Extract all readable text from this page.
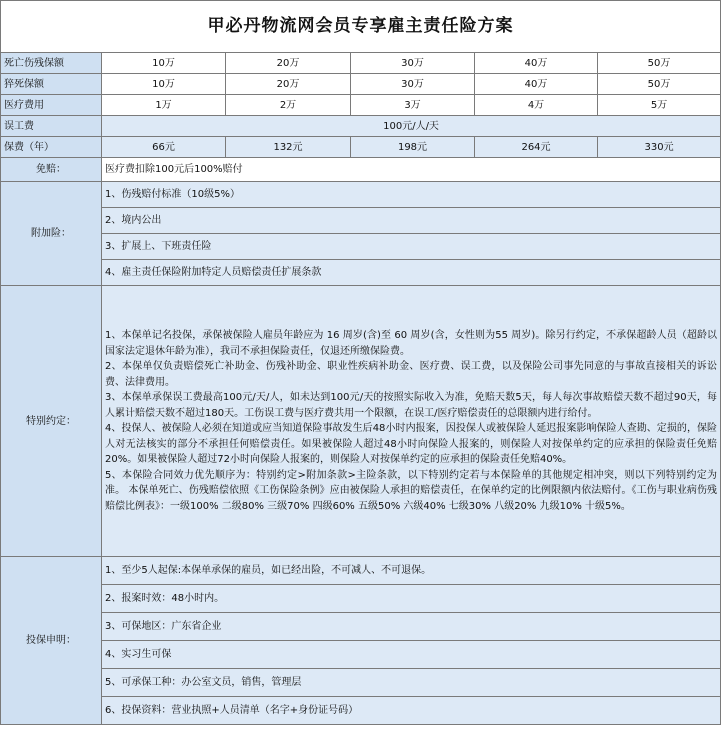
甲必丹物流网会员专享雇主责任险方案					
死亡伤残保额	10万	20万	30万	40万	50万
猝死保额	10万	20万	30万	40万	50万
医疗费用	1万	2万	3万	4万	5万
误工费	100元/人/天				
保费（年）	66元	132元	198元	264元	330元
免赔：	医疗费扣除100元后100%赔付				
附加险：	1、伤残赔付标准（10级5%）				
	2、境内公出				
	3、扩展上、下班责任险				
	4、雇主责任保险附加特定人员赔偿责任扩展条款				
特别约定：	1、本保单记名投保，承保被保险人雇员年龄应为 16 周岁(含)至 60 周岁(含，女性则为55 周岁)。除另行约定，不承保超龄人员（超龄以国家法定退休年龄为准），我司不承担保险责任，仅退还所缴保险费。
2、本保单仅负责赔偿死亡补助金、伤残补助金、职业性疾病补助金、医疗费、误工费，以及保险公司事先同意的与事故直接相关的诉讼费、法律费用。
3、本保单承保误工费最高100元/天/人，如未达到100元/天的按照实际收入为准，免赔天数5天，每人每次事故赔偿天数不超过90天，每人累计赔偿天数不超过180天。工伤误工费与医疗费共用一个限额，在误工/医疗赔偿责任的总限额内进行给付。
4、投保人、被保险人必须在知道或应当知道保险事故发生后48小时内报案，因投保人或被保险人延迟报案影响保险人查勘、定损的，保险人对无法核实的部分不承担任何赔偿责任。如果被保险人超过48小时向保险人报案的，则保险人对按保单约定的应承担的保险责任免赔20%。如果被保险人超过72小时向保险人报案的，则保险人对按保单约定的应承担的保险责任免赔40%。
5、本保险合同效力优先顺序为：特别约定>附加条款>主险条款，以下特别约定若与本保险单的其他规定相冲突，则以下列特别约定为准。 本保单死亡、伤残赔偿依照《工伤保险条例》应由被保险人承担的赔偿责任，在保单约定的比例限额内依法赔付。《工伤与职业病伤残赔偿比例表》：一级100% 二级80% 三级70% 四级60% 五级50% 六级40% 七级30% 八级20% 九级10% 十级5%。				

投保申明：	1、至少5人起保:本保单承保的雇员，如已经出险，不可减人、不可退保。				
	2、报案时效：48小时内。				
	3、可保地区：广东省企业				
	4、实习生可保				
	5、可承保工种：办公室文员，销售，管理层				
	6、投保资料：营业执照+人员清单（名字+身份证号码）				
